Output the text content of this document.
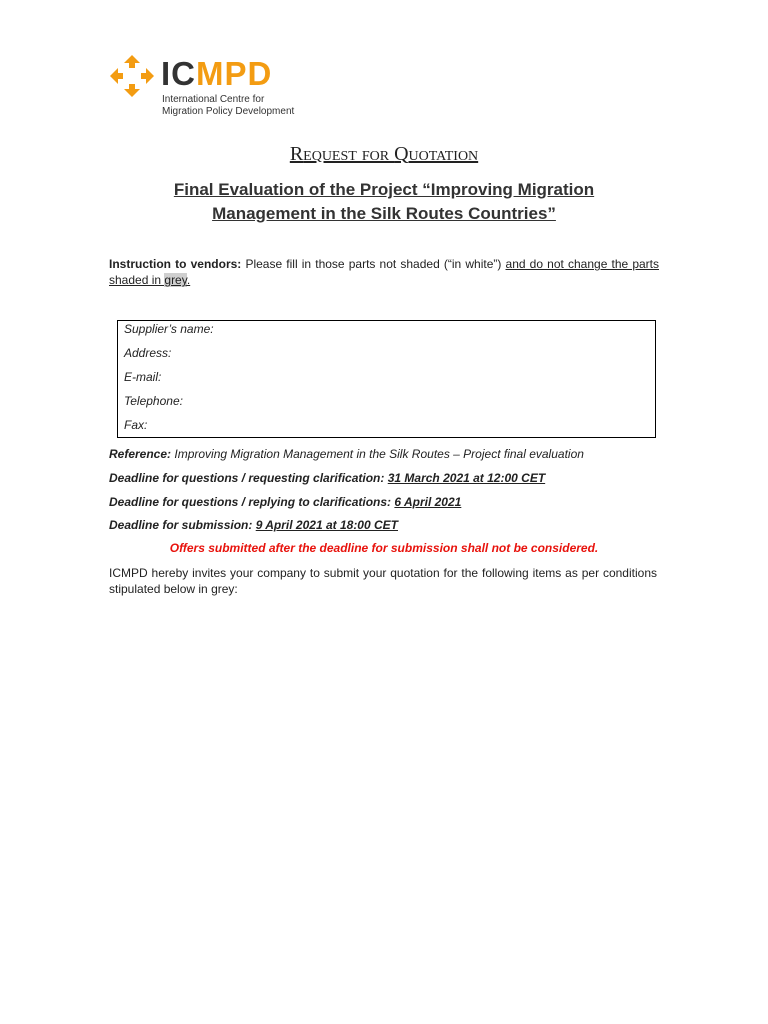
ICMPD
International Centre for
Migration Policy Development
Request for Quotation
Final Evaluation of the Project “Improving Migration
Management in the Silk Routes Countries”
Instruction to vendors: Please fill in those parts not shaded (“in white”) and do not change the parts shaded in grey.
Supplier’s name:
Address:
E-mail:
Telephone:
Fax:
Reference: Improving Migration Management in the Silk Routes – Project final evaluation
Deadline for questions / requesting clarification: 31 March 2021 at 12:00 CET
Deadline for questions / replying to clarifications: 6 April 2021
Deadline for submission: 9 April 2021 at 18:00 CET
Offers submitted after the deadline for submission shall not be considered.
ICMPD hereby invites your company to submit your quotation for the following items as per conditions stipulated below in grey:
